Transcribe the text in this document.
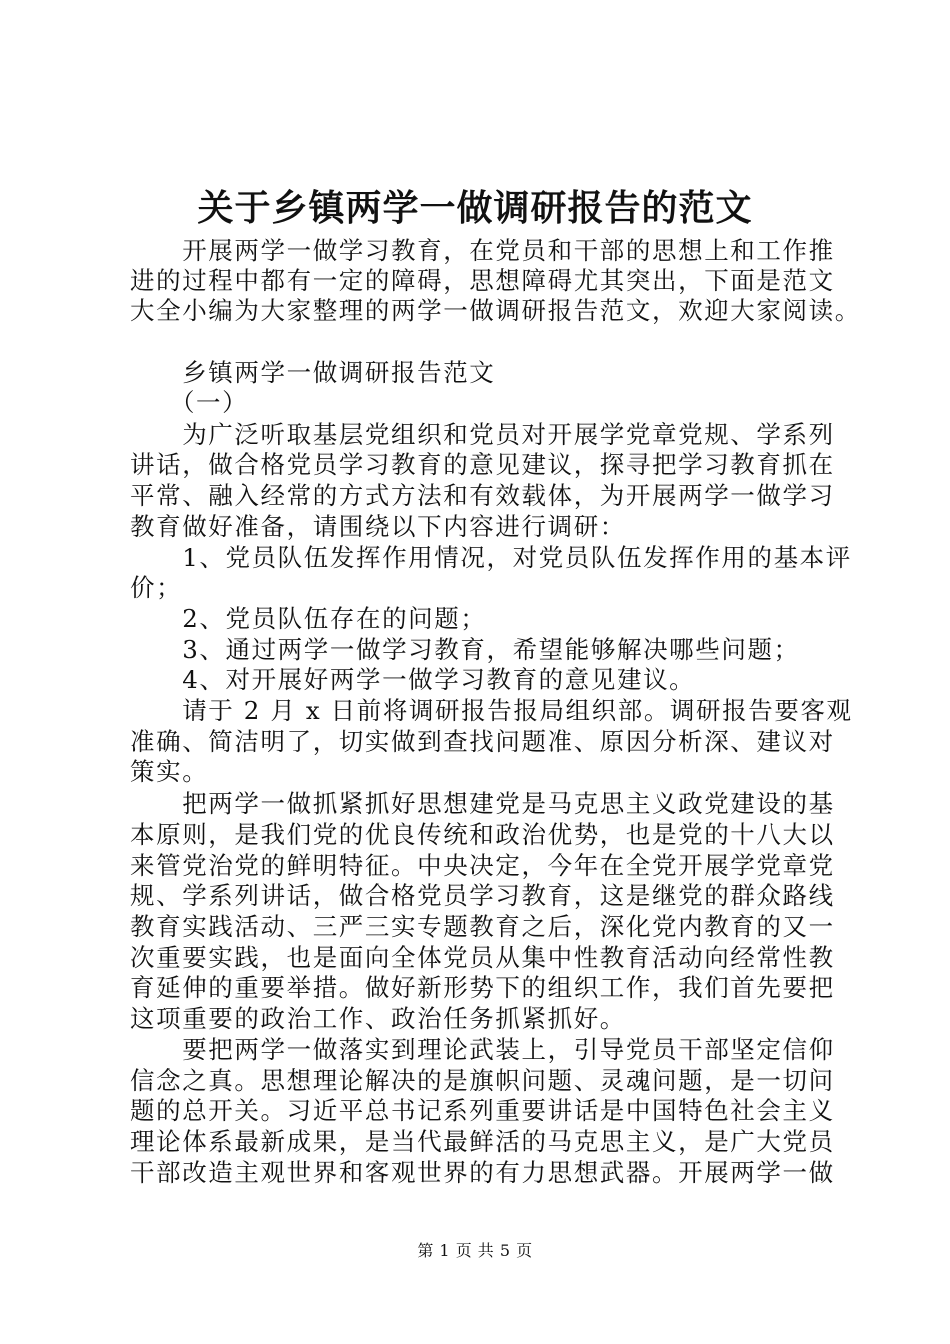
关于乡镇两学一做调研报告的范文
　　开展两学一做学习教育，在党员和干部的思想上和工作推
进的过程中都有一定的障碍，思想障碍尤其突出，下面是范文
大全小编为大家整理的两学一做调研报告范文，欢迎大家阅读。
　　乡镇两学一做调研报告范文
　　（一）
　　为广泛听取基层党组织和党员对开展学党章党规、学系列
讲话，做合格党员学习教育的意见建议，探寻把学习教育抓在
平常、融入经常的方式方法和有效载体，为开展两学一做学习
教育做好准备，请围绕以下内容进行调研：
　　1、党员队伍发挥作用情况，对党员队伍发挥作用的基本评
价；
　　2、党员队伍存在的问题；
　　3、通过两学一做学习教育，希望能够解决哪些问题；
　　4、对开展好两学一做学习教育的意见建议。
　　请于 2 月 x 日前将调研报告报局组织部。调研报告要客观
准确、简洁明了，切实做到查找问题准、原因分析深、建议对
策实。
　　把两学一做抓紧抓好思想建党是马克思主义政党建设的基
本原则，是我们党的优良传统和政治优势，也是党的十八大以
来管党治党的鲜明特征。中央决定，今年在全党开展学党章党
规、学系列讲话，做合格党员学习教育，这是继党的群众路线
教育实践活动、三严三实专题教育之后，深化党内教育的又一
次重要实践，也是面向全体党员从集中性教育活动向经常性教
育延伸的重要举措。做好新形势下的组织工作，我们首先要把
这项重要的政治工作、政治任务抓紧抓好。
　　要把两学一做落实到理论武装上，引导党员干部坚定信仰
信念之真。思想理论解决的是旗帜问题、灵魂问题，是一切问
题的总开关。习近平总书记系列重要讲话是中国特色社会主义
理论体系最新成果，是当代最鲜活的马克思主义，是广大党员
干部改造主观世界和客观世界的有力思想武器。开展两学一做
第 1 页 共 5 页
